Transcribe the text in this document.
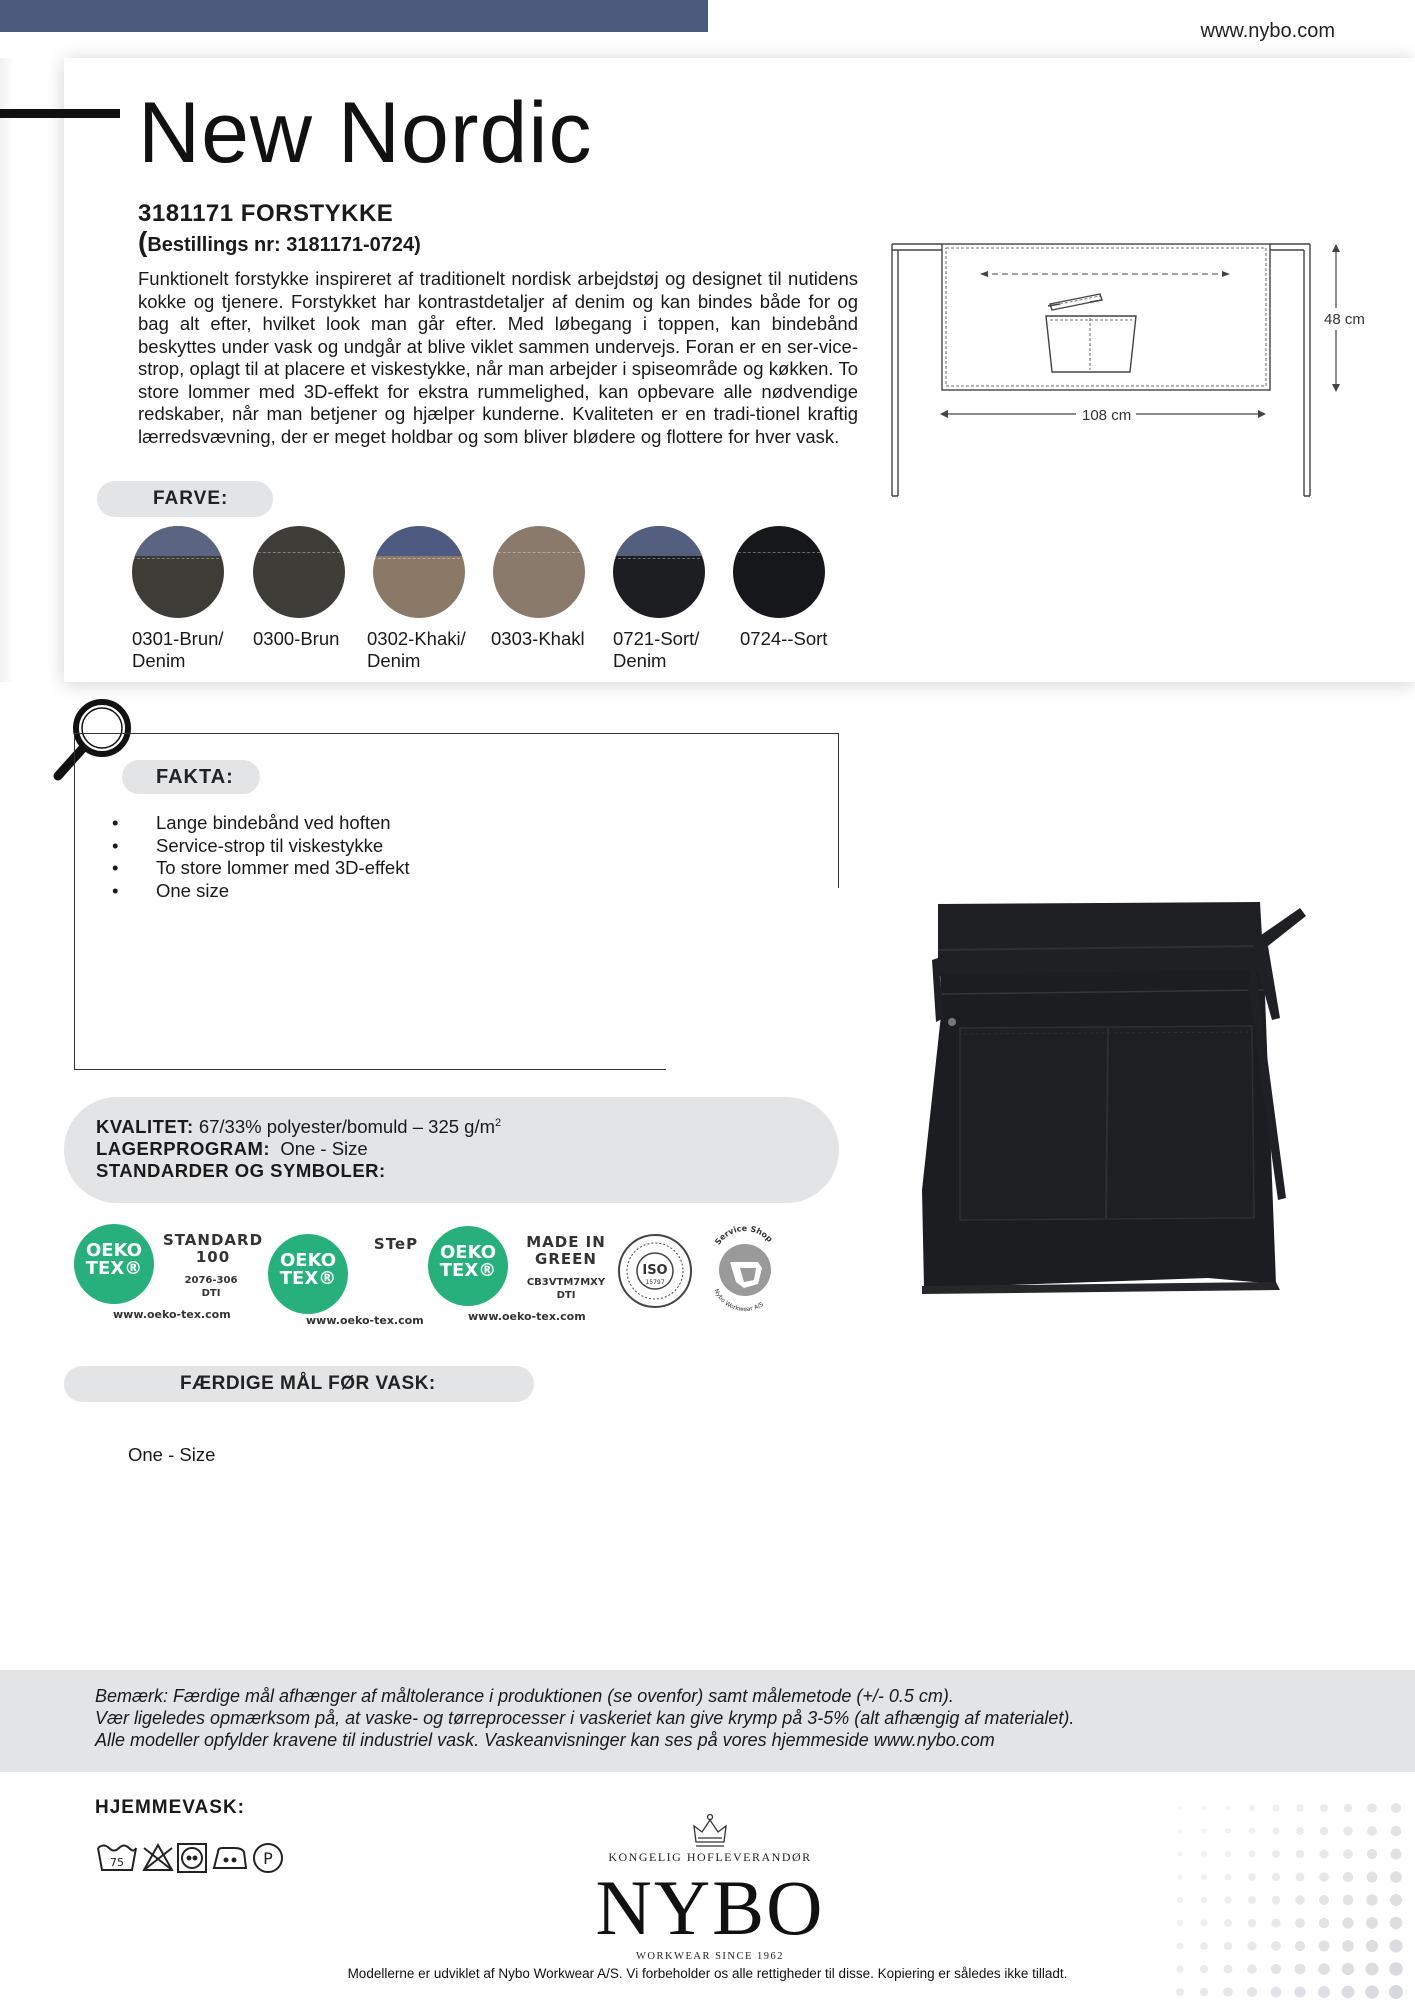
www.nybo.com
New Nordic
3181171 FORSTYKKE
(Bestillings nr: 3181171-0724)

Funktionelt forstykke inspireret af traditionelt nordisk arbejdstøj og designet til nutidens kokke og tjenere. Forstykket har kontrastdetaljer af denim og kan bindes både for og bag alt efter, hvilket look man går efter. Med løbegang i toppen, kan bindebånd beskyttes under vask og undgår at blive viklet sammen undervejs. Foran er en ser-vice-strop, oplagt til at placere et viskestykke, når man arbejder i spiseområde og køkken. To store lommer med 3D-effekt for ekstra rummelighed, kan opbevare alle nødvendige redskaber, når man betjener og hjælper kunderne. Kvaliteten er en tradi-tionel kraftig lærredsvævning, der er meget holdbar og som bliver blødere og flottere for hver vask.

FARVE:
0301-Brun/ Denim
0300-Brun	0302-Khaki/ Denim
0303-Khakl	0721-Sort/ Denim
0724--Sort
48 cm
108 cm
FAKTA:
• Lange bindebånd ved hoften
• Service-strop til viskestykke
• To store lommer med 3D-effekt
• One size
KVALITET: 67/33% polyester/bomuld – 325 $g/m^2$
LAGERPROGRAM: One - Size
STANDARDER OG SYMBOLER:
OEKO
TEX®
STANDARD 100
2076-306 DTI
www.oeko-tex.com
OEKO
TEX®
STeP
www.oeko-tex.com
OEKO
TEX®
MADE IN GREEN
CB3VTM7MXY DTI
www.oeko-tex.com
ISO
15797
Service Shop
Nybo Workwear A/S
FÆRDIGE MÅL FØR VASK:
One - Size

Bemærk: Færdige mål afhænger af måltolerance i produktionen (se ovenfor) samt målemetode (+/- 0.5 cm).

Vær ligeledes opmærksom på, at vaske- og tørreprocesser i vaskeriet kan give krymp på 3-5% (alt afhængig af materialet).

Alle modeller opfylder kravene til industriel vask. Vaskeanvisninger kan ses på vores hjemmeside www.nybo.com

HJEMMEVASK:
75	P	KONGELIG HOFLEVERANDØR
NYBO
WORKWEAR SINCE 1962
Modellerne er udviklet af Nybo Workwear A/S. Vi forbeholder os alle rettigheder til disse. Kopiering er således ikke tilladt.
